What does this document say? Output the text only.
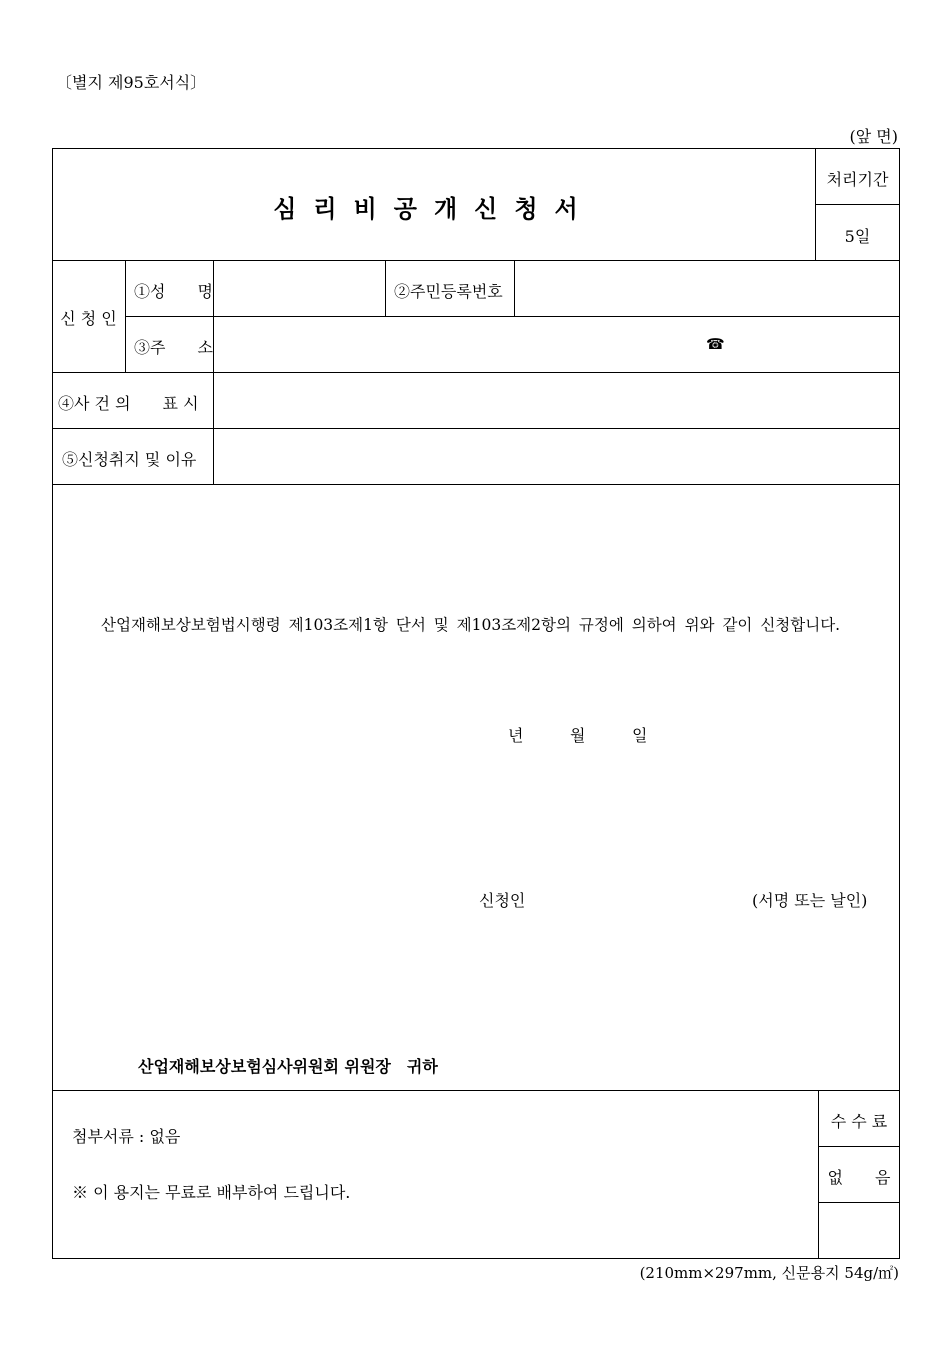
〔별지 제95호서식〕
(앞 면)
심리비공개신청서
처리기간
5일
신 청 인
①성　　명	②주민등록번호
③주　　소	☎
④사 건 의　　표 시
⑤신청취지 및 이유
산업재해보상보험법시행령 제103조제1항 단서 및 제103조제2항의 규정에 의하여 위와 같이 신청합니다.
년	월	일
신청인	(서명 또는 날인)
산업재해보상보험심사위원회 위원장　귀하
첨부서류 : 없음
※ 이 용지는 무료로 배부하여 드립니다.
수 수 료
없　　음
(210mm×297mm, 신문용지 54g/㎡)
